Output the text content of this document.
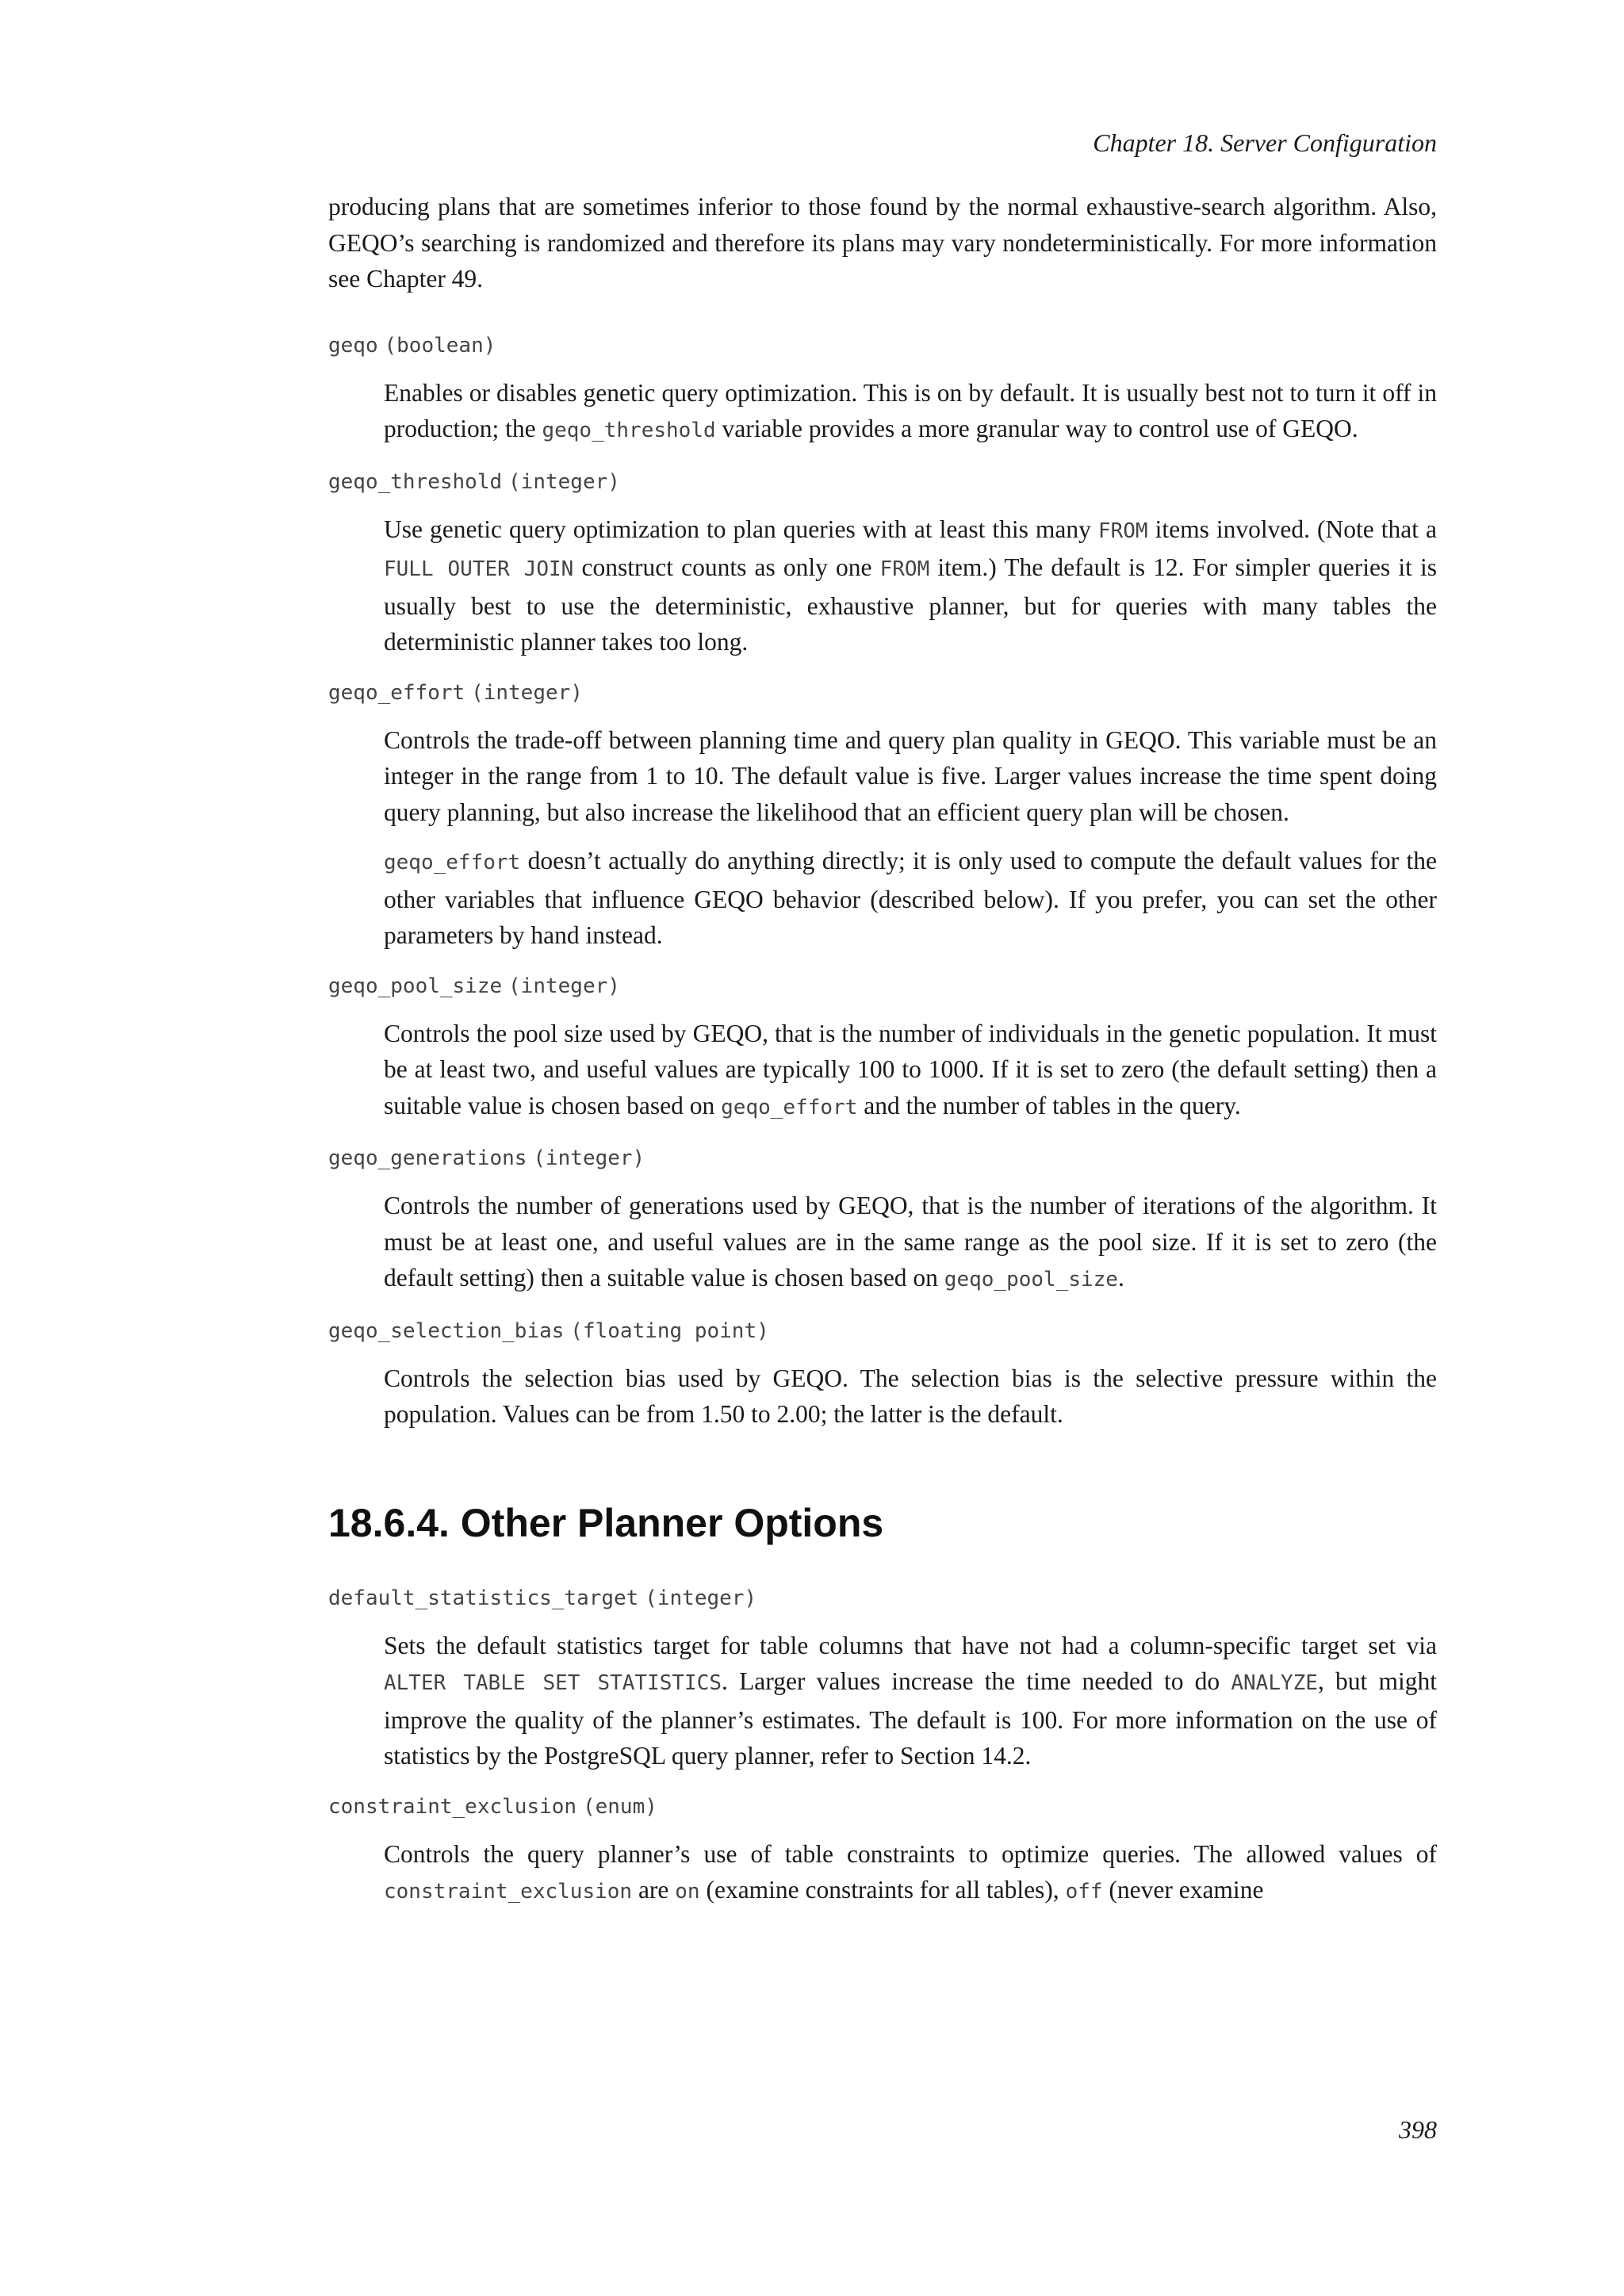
Chapter 18. Server Configuration

producing plans that are sometimes inferior to those found by the normal exhaustive-search algorithm. Also, GEQO’s searching is randomized and therefore its plans may vary nondeterministically. For more information see Chapter 49.

geqo (boolean)

Enables or disables genetic query optimization. This is on by default. It is usually best not to turn it off in production; the geqo_threshold variable provides a more granular way to control use of GEQO.

geqo_threshold (integer)

Use genetic query optimization to plan queries with at least this many FROM items involved. (Note that a FULL OUTER JOIN construct counts as only one FROM item.) The default is 12. For simpler queries it is usually best to use the deterministic, exhaustive planner, but for queries with many tables the deterministic planner takes too long.

geqo_effort (integer)

Controls the trade-off between planning time and query plan quality in GEQO. This variable must be an integer in the range from 1 to 10. The default value is five. Larger values increase the time spent doing query planning, but also increase the likelihood that an efficient query plan will be chosen.

geqo_effort doesn’t actually do anything directly; it is only used to compute the default values for the other variables that influence GEQO behavior (described below). If you prefer, you can set the other parameters by hand instead.

geqo_pool_size (integer)

Controls the pool size used by GEQO, that is the number of individuals in the genetic population. It must be at least two, and useful values are typically 100 to 1000. If it is set to zero (the default setting) then a suitable value is chosen based on geqo_effort and the number of tables in the query.

geqo_generations (integer)

Controls the number of generations used by GEQO, that is the number of iterations of the algorithm. It must be at least one, and useful values are in the same range as the pool size. If it is set to zero (the default setting) then a suitable value is chosen based on geqo_pool_size.

geqo_selection_bias (floating point)

Controls the selection bias used by GEQO. The selection bias is the selective pressure within the population. Values can be from 1.50 to 2.00; the latter is the default.

18.6.4. Other Planner Options
default_statistics_target (integer)

Sets the default statistics target for table columns that have not had a column-specific target set via ALTER TABLE SET STATISTICS. Larger values increase the time needed to do ANALYZE, but might improve the quality of the planner’s estimates. The default is 100. For more information on the use of statistics by the PostgreSQL query planner, refer to Section 14.2.

constraint_exclusion (enum)

Controls the query planner’s use of table constraints to optimize queries. The allowed values of constraint_exclusion are on (examine constraints for all tables), off (never examine

398
